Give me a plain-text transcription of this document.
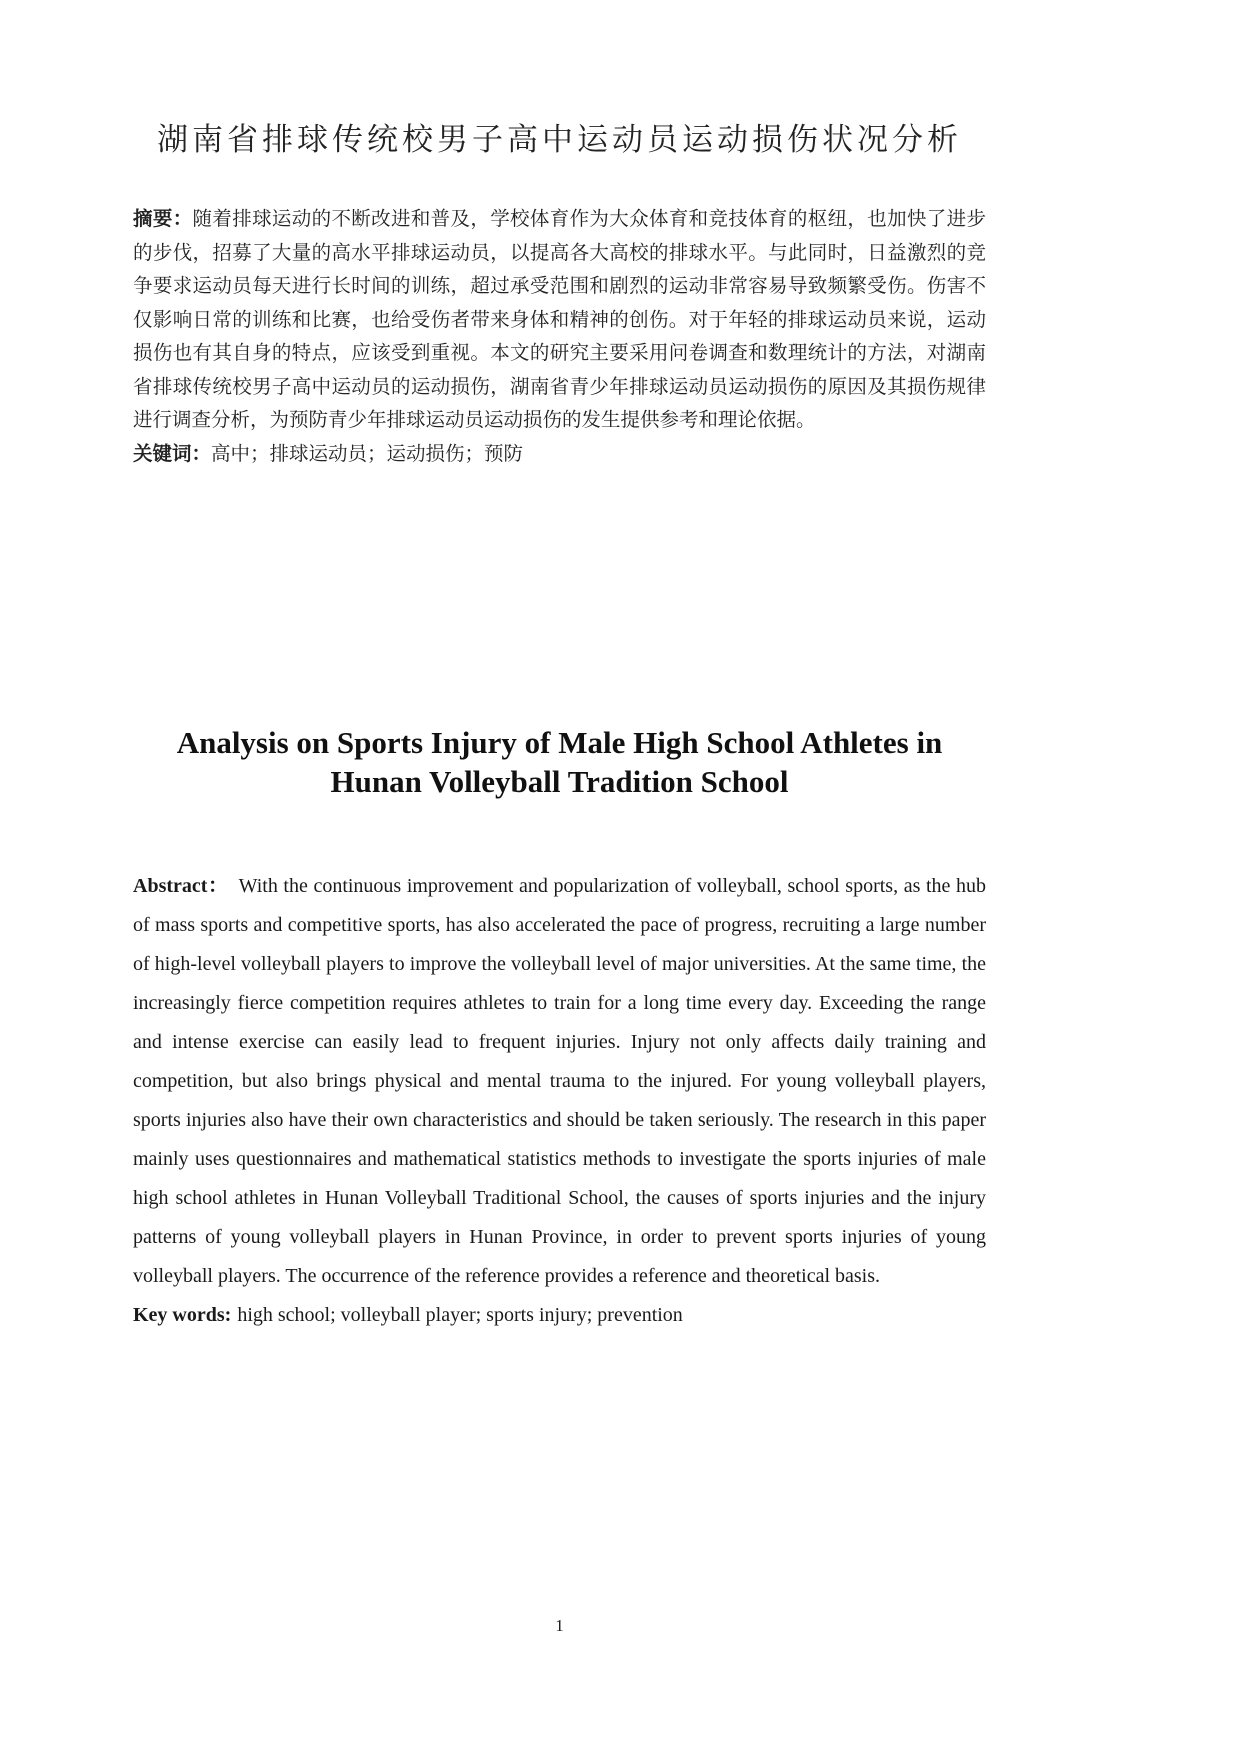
湖南省排球传统校男子高中运动员运动损伤状况分析

摘要：随着排球运动的不断改进和普及，学校体育作为大众体育和竞技体育的枢纽，也加快了进步的步伐，招募了大量的高水平排球运动员，以提高各大高校的排球水平。与此同时，日益激烈的竞争要求运动员每天进行长时间的训练，超过承受范围和剧烈的运动非常容易导致频繁受伤。伤害不仅影响日常的训练和比赛，也给受伤者带来身体和精神的创伤。对于年轻的排球运动员来说，运动损伤也有其自身的特点，应该受到重视。本文的研究主要采用问卷调查和数理统计的方法，对湖南省排球传统校男子高中运动员的运动损伤，湖南省青少年排球运动员运动损伤的原因及其损伤规律进行调查分析，为预防青少年排球运动员运动损伤的发生提供参考和理论依据。

关键词：高中；排球运动员；运动损伤；预防

Analysis on Sports Injury of Male High School Athletes in
Hunan Volleyball Tradition School

Abstract： With the continuous improvement and popularization of volleyball, school sports, as the hub of mass sports and competitive sports, has also accelerated the pace of progress, recruiting a large number of high-level volleyball players to improve the volleyball level of major universities. At the same time, the increasingly fierce competition requires athletes to train for a long time every day. Exceeding the range and intense exercise can easily lead to frequent injuries. Injury not only affects daily training and competition, but also brings physical and mental trauma to the injured. For young volleyball players, sports injuries also have their own characteristics and should be taken seriously. The research in this paper mainly uses questionnaires and mathematical statistics methods to investigate the sports injuries of male high school athletes in Hunan Volleyball Traditional School, the causes of sports injuries and the injury patterns of young volleyball players in Hunan Province, in order to prevent sports injuries of young volleyball players. The occurrence of the reference provides a reference and theoretical basis.

Key words: high school; volleyball player; sports injury; prevention

1
